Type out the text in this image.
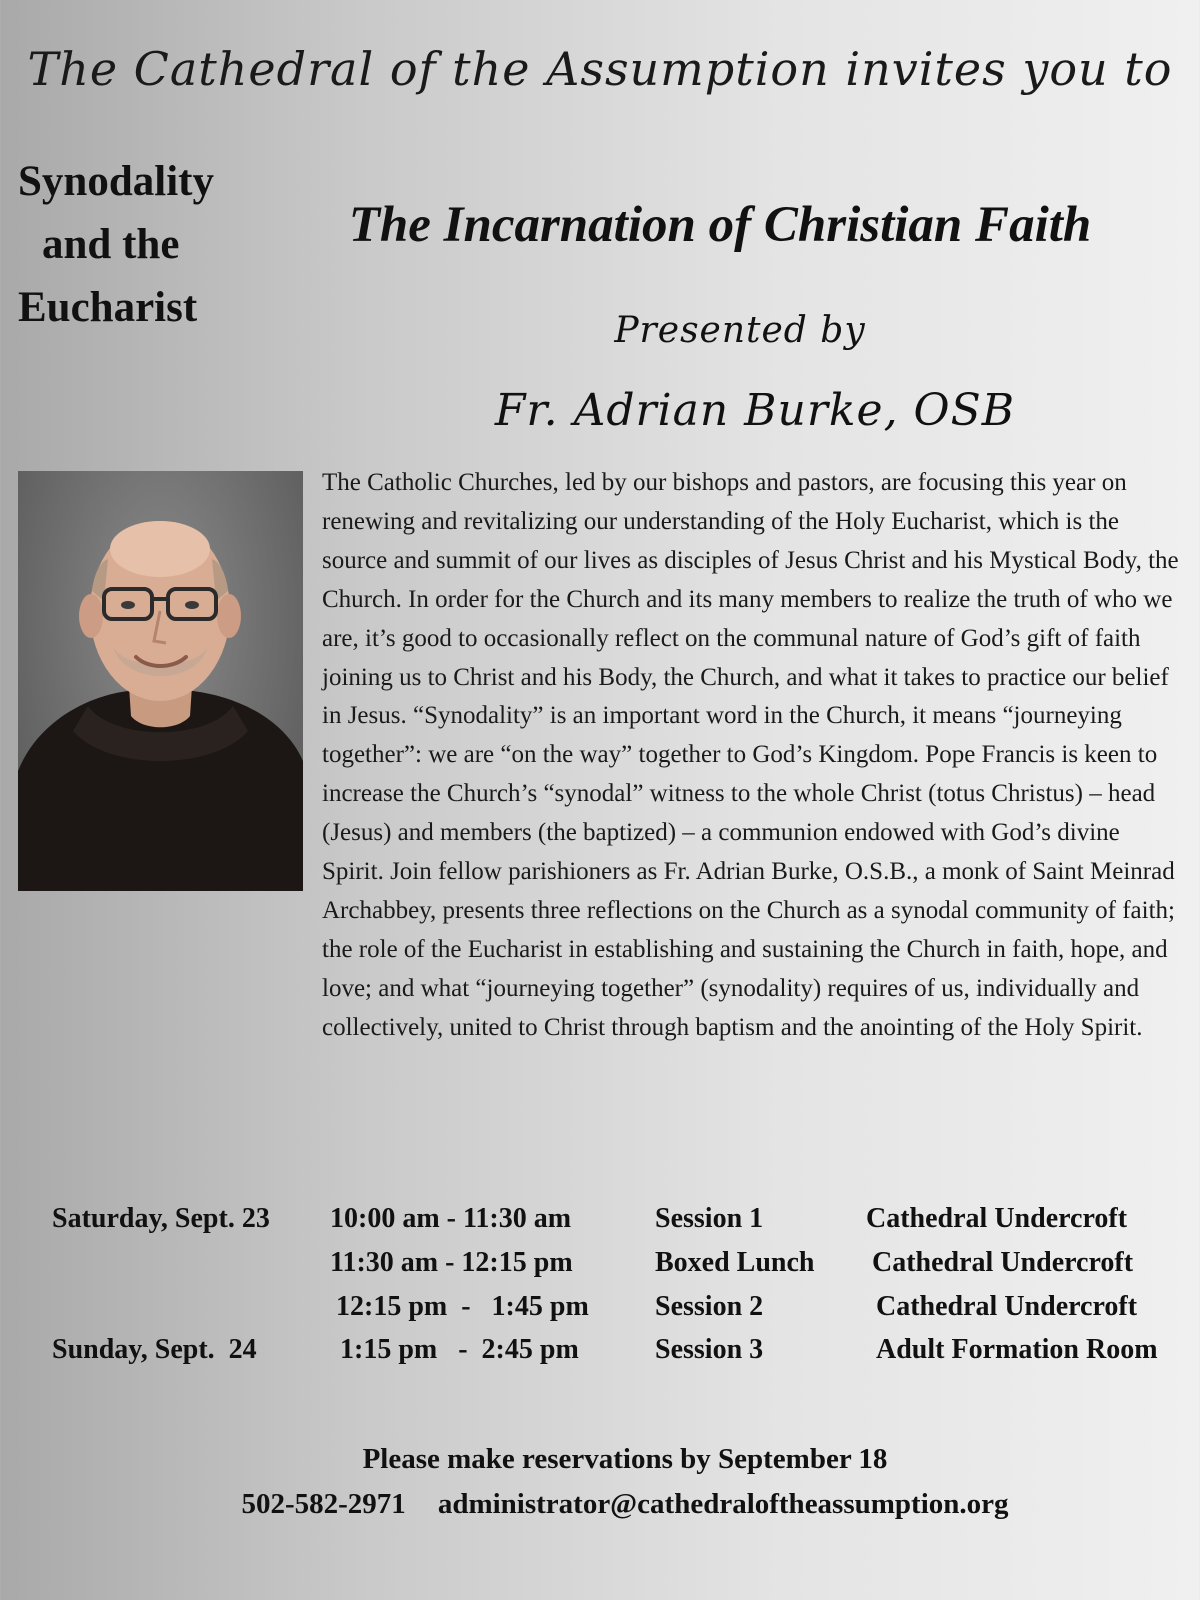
The Cathedral of the Assumption invites you to
Synodality
and the
Eucharist
The Incarnation of Christian Faith
Presented by
Fr. Adrian Burke, OSB
The Catholic Churches, led by our bishops and pastors, are focusing this year on renewing and revitalizing our understanding of the Holy Eucharist, which is the source and summit of our lives as disciples of Jesus Christ and his Mystical Body, the Church. In order for the Church and its many members to realize the truth of who we are, it’s good to occasionally reflect on the communal nature of God’s gift of faith joining us to Christ and his Body, the Church, and what it takes to practice our belief in Jesus. “Synodality” is an important word in the Church, it means “journeying together”: we are “on the way” together to God’s Kingdom. Pope Francis is keen to increase the Church’s “synodal” witness to the whole Christ (totus Christus) – head (Jesus) and members (the baptized) – a communion endowed with God’s divine Spirit. Join fellow parishioners as Fr. Adrian Burke, O.S.B., a monk of Saint Meinrad Archabbey, presents three reflections on the Church as a synodal community of faith; the role of the Eucharist in establishing and sustaining the Church in faith, hope, and love; and what “journeying together” (synodality) requires of us, individually and collectively, united to Christ through baptism and the anointing of the Holy Spirit.
Saturday, Sept. 23 10:00 am - 11:30 am	Session 1	Cathedral Undercroft
11:30 am - 12:15 pm	Boxed Lunch Cathedral Undercroft
12:15 pm  -   1:45 pm Session 2	Cathedral Undercroft
Sunday, Sept.  24	1:15 pm   -  2:45 pm	Session 3	Adult Formation Room
Please make reservations by September 18
502-582-2971 administrator@cathedraloftheassumption.org
